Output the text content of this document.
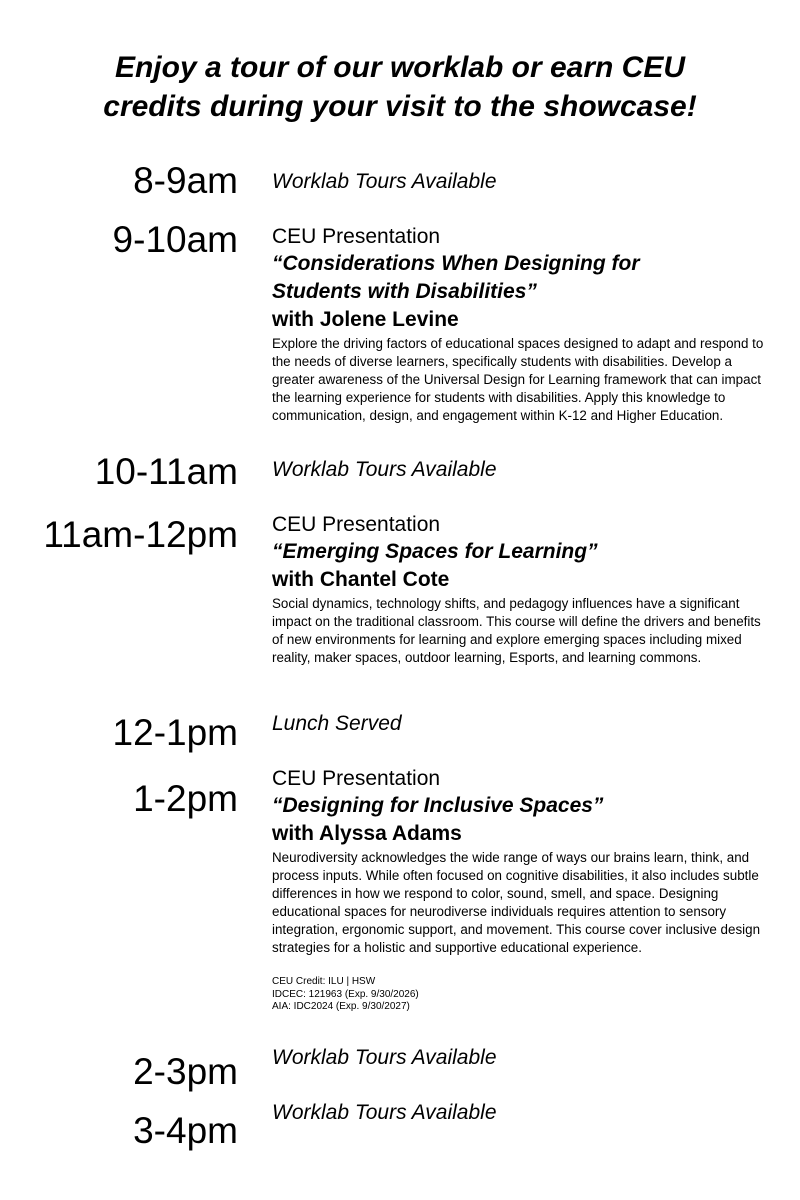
Enjoy a tour of our worklab or earn CEU
credits during your visit to the showcase!
8-9am Worklab Tours Available
9-10am CEU Presentation
“Considerations When Designing for
Students with Disabilities”
with Jolene Levine
Explore the driving factors of educational spaces designed to adapt and respond to the needs of diverse learners, specifically students with disabilities. Develop a greater awareness of the Universal Design for Learning framework that can impact the learning experience for students with disabilities. Apply this knowledge to communication, design, and engagement within K-12 and Higher Education.
10-11am Worklab Tours Available
11am-12pm CEU Presentation
“Emerging Spaces for Learning”
with Chantel Cote
Social dynamics, technology shifts, and pedagogy influences have a significant impact on the traditional classroom. This course will define the drivers and benefits of new environments for learning and explore emerging spaces including mixed reality, maker spaces, outdoor learning, Esports, and learning commons.
12-1pm Lunch Served
1-2pm CEU Presentation
“Designing for Inclusive Spaces”
with Alyssa Adams
Neurodiversity acknowledges the wide range of ways our brains learn, think, and process inputs. While often focused on cognitive disabilities, it also includes subtle differences in how we respond to color, sound, smell, and space. Designing educational spaces for neurodiverse individuals requires attention to sensory integration, ergonomic support, and movement. This course cover inclusive design strategies for a holistic and supportive educational experience.
CEU Credit: ILU | HSW
IDCEC: 121963 (Exp. 9/30/2026)
AIA: IDC2024 (Exp. 9/30/2027)
2-3pm Worklab Tours Available
3-4pm Worklab Tours Available
